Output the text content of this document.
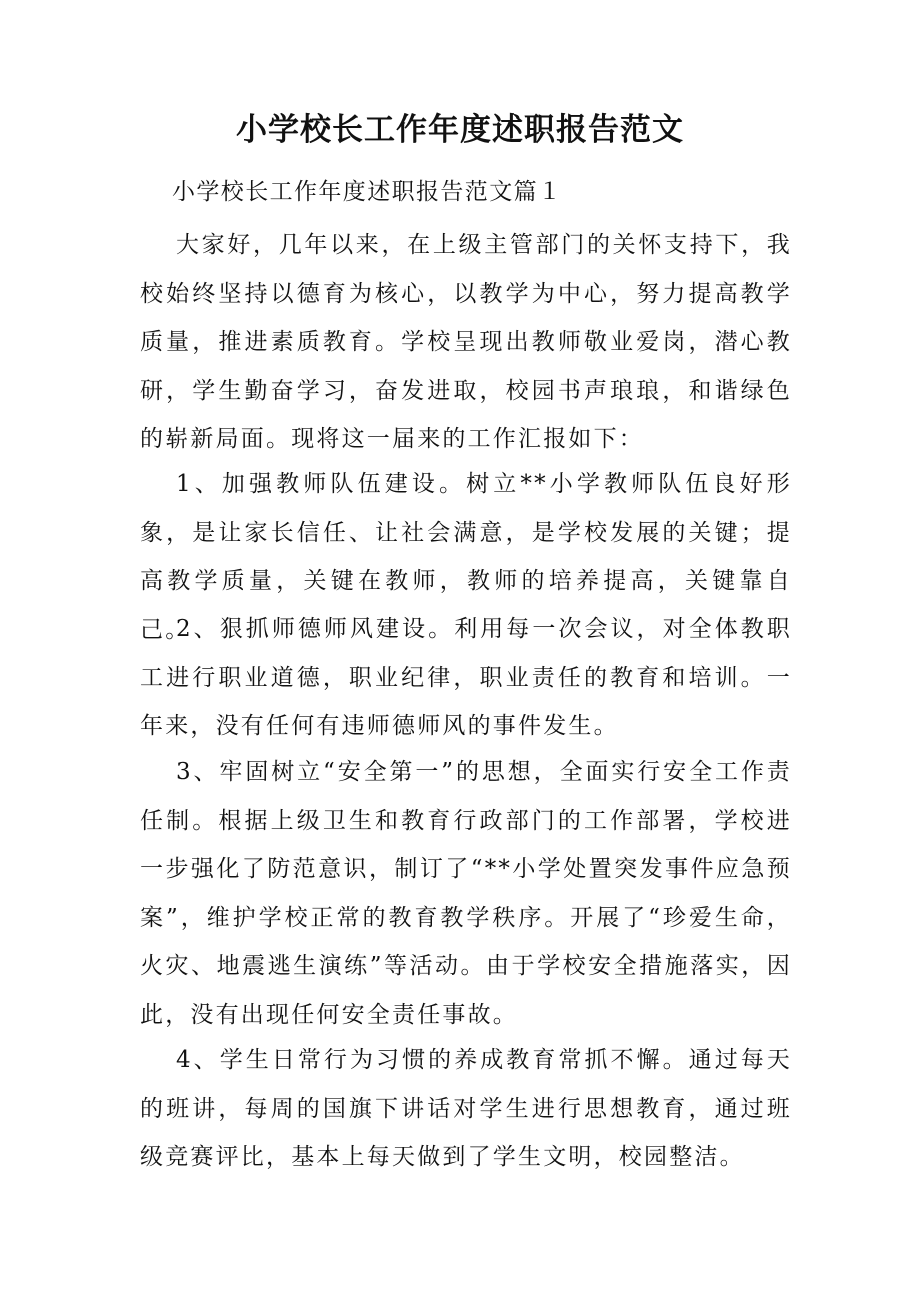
小学校长工作年度述职报告范文

小学校长工作年度述职报告范文篇１

大家好，几年以来，在上级主管部门的关怀支持下，我校始终坚持以德育为核心，以教学为中心，努力提高教学质量，推进素质教育。学校呈现出教师敬业爱岗，潜心教研，学生勤奋学习，奋发进取，校园书声琅琅，和谐绿色的崭新局面。现将这一届来的工作汇报如下：

1、加强教师队伍建设。树立**小学教师队伍良好形象，是让家长信任、让社会满意，是学校发展的关键；提高教学质量，关键在教师，教师的培养提高，关键靠自己。

2、狠抓师德师风建设。利用每一次会议，对全体教职工进行职业道德，职业纪律，职业责任的教育和培训。一年来，没有任何有违师德师风的事件发生。

3、牢固树立“安全第一”的思想，全面实行安全工作责任制。根据上级卫生和教育行政部门的工作部署，学校进一步强化了防范意识，制订了“**小学处置突发事件应急预案”，维护学校正常的教育教学秩序。开展了“珍爱生命，火灾、地震逃生演练”等活动。由于学校安全措施落实，因此，没有出现任何安全责任事故。

4、学生日常行为习惯的养成教育常抓不懈。通过每天的班讲，每周的国旗下讲话对学生进行思想教育，通过班级竞赛评比，基本上每天做到了学生文明，校园整洁。
